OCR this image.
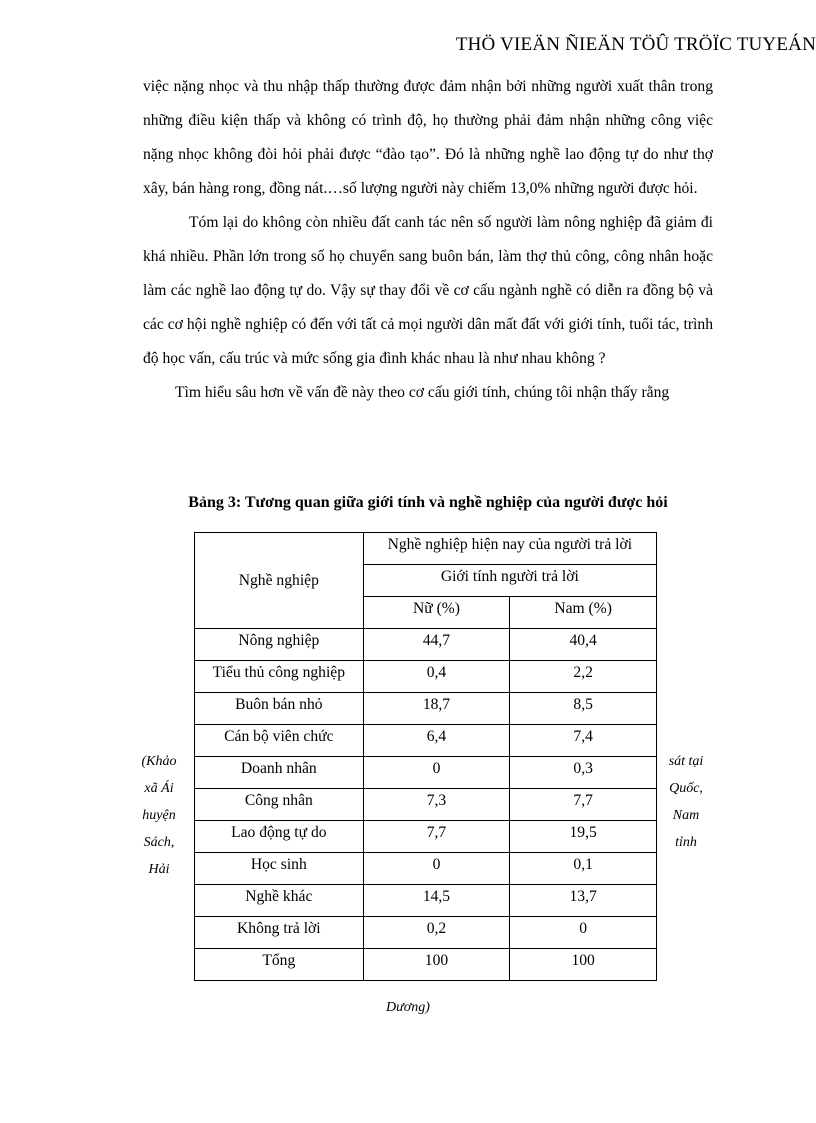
THÖ VIEÄN ÑIEÄN TÖÛ TRÖÏC TUYEÁN

việc nặng nhọc và thu nhập thấp thường được đảm nhận bởi những người xuất thân trong những điều kiện thấp và không có trình độ, họ thường phải đảm nhận những công việc nặng nhọc không đòi hỏi phải được “đào tạo”. Đó là những nghề lao động tự do như thợ xây, bán hàng rong, đồng nát.…số lượng người này chiếm 13,0% những người được hỏi.

Tóm lại do không còn nhiều đất canh tác nên số người làm nông nghiệp đã giảm đi khá nhiều. Phần lớn trong số họ chuyển sang buôn bán, làm thợ thủ công, công nhân hoặc làm các nghề lao động tự do. Vậy sự thay đổi về cơ cấu ngành nghề có diễn ra đồng bộ và các cơ hội nghề nghiệp có đến với tất cả mọi người dân mất đất với giới tính, tuổi tác, trình độ học vấn, cấu trúc và mức sống gia đình khác nhau là như nhau không ?

Tìm hiểu sâu hơn về vấn đề này theo cơ cấu giới tính, chúng tôi nhận thấy rằng

Bảng 3: Tương quan giữa giới tính và nghề nghiệp của người được hỏi
Nghề nghiệp	Nghề nghiệp hiện nay của người trả lời	
	Giới tính người trả lời	
	Nữ (%)	Nam (%)
Nông nghiệp	44,7	40,4
Tiểu thủ công nghiệp	0,4	2,2
Buôn bán nhỏ	18,7	8,5
Cán bộ viên chức	6,4	7,4
Doanh nhân	0	0,3
Công nhân	7,3	7,7
Lao động tự do	7,7	19,5
Học sinh	0	0,1
Nghề khác	14,5	13,7
Không trả lời	0,2	0
Tổng	100	100
(Khảo
xã Ái
huyện
Sách,
Hải
sát tại
Quốc,
Nam
tỉnh
Dương)
